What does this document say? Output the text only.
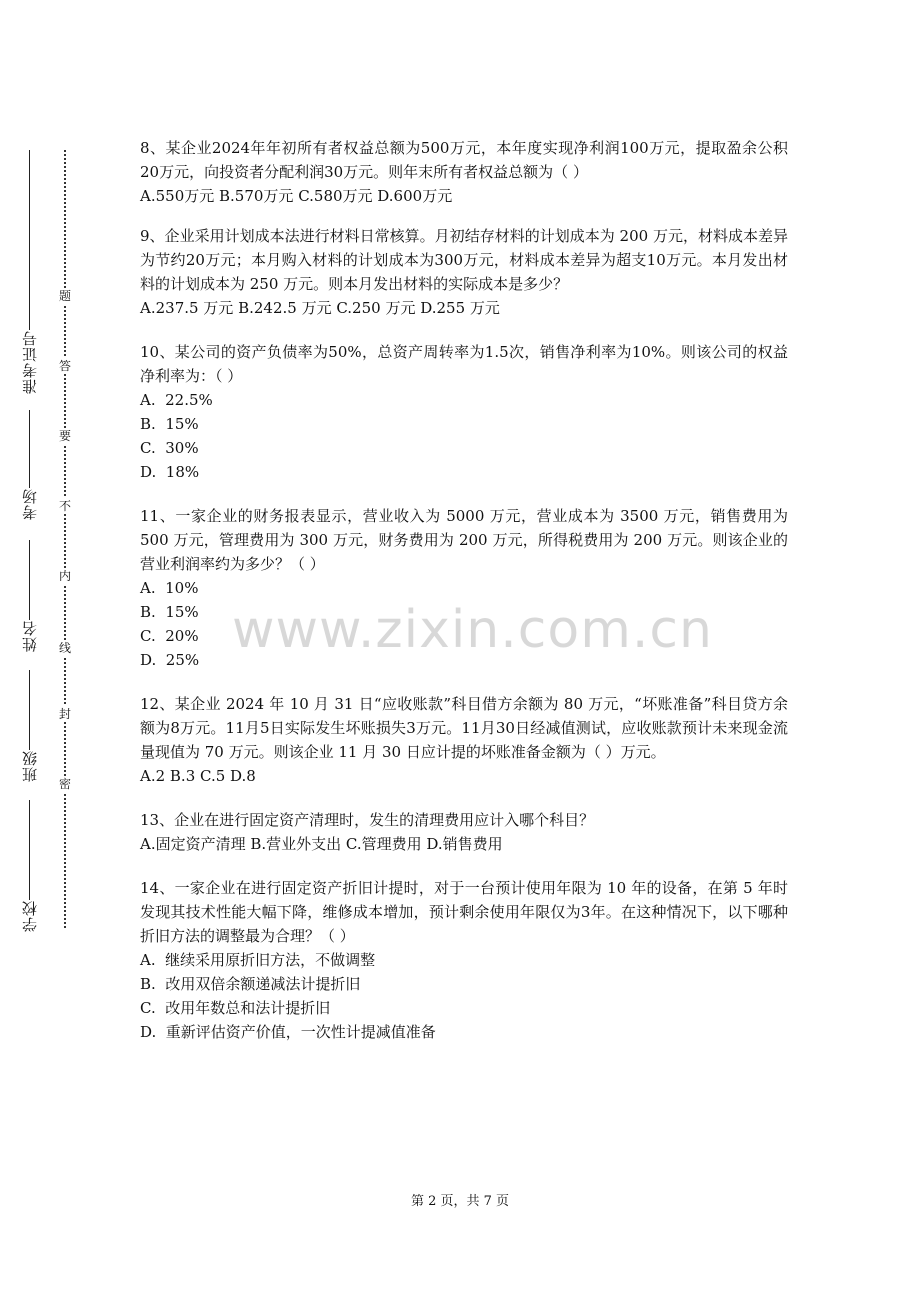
准考证号
考场
姓名
班级
学校
题
答
要
不
内
线
封
密
8、某企业2024年年初所有者权益总额为500万元，本年度实现净利润100万元，提取盈余公积20万元，向投资者分配利润30万元。则年末所有者权益总额为（ ）
A.550万元 B.570万元 C.580万元 D.600万元
9、企业采用计划成本法进行材料日常核算。月初结存材料的计划成本为 200 万元，材料成本差异为节约20万元；本月购入材料的计划成本为300万元，材料成本差异为超支10万元。本月发出材料的计划成本为 250 万元。则本月发出材料的实际成本是多少？
A.237.5 万元 B.242.5 万元 C.250 万元 D.255 万元
10、某公司的资产负债率为50%，总资产周转率为1.5次，销售净利率为10%。则该公司的权益净利率为：（ ）
A.  22.5%
B.  15%
C.  30%
D.  18%
11、一家企业的财务报表显示，营业收入为 5000 万元，营业成本为 3500 万元，销售费用为 500 万元，管理费用为 300 万元，财务费用为 200 万元，所得税费用为 200 万元。则该企业的营业利润率约为多少？（ ）
A.  10%
B.  15%
C.  20%
D.  25%
12、某企业 2024 年 10 月 31 日“应收账款”科目借方余额为 80 万元，“坏账准备”科目贷方余额为8万元。11月5日实际发生坏账损失3万元。11月30日经减值测试，应收账款预计未来现金流量现值为 70 万元。则该企业 11 月 30 日应计提的坏账准备金额为（ ）万元。
A.2 B.3 C.5 D.8
13、企业在进行固定资产清理时，发生的清理费用应计入哪个科目？
A.固定资产清理 B.营业外支出 C.管理费用 D.销售费用
14、一家企业在进行固定资产折旧计提时，对于一台预计使用年限为 10 年的设备，在第 5 年时发现其技术性能大幅下降，维修成本增加，预计剩余使用年限仅为3年。在这种情况下，以下哪种折旧方法的调整最为合理？（ ）
A.  继续采用原折旧方法，不做调整
B.  改用双倍余额递减法计提折旧
C.  改用年数总和法计提折旧
D.  重新评估资产价值，一次性计提减值准备
www.zixin.com.cn
第 2 页，共 7 页
